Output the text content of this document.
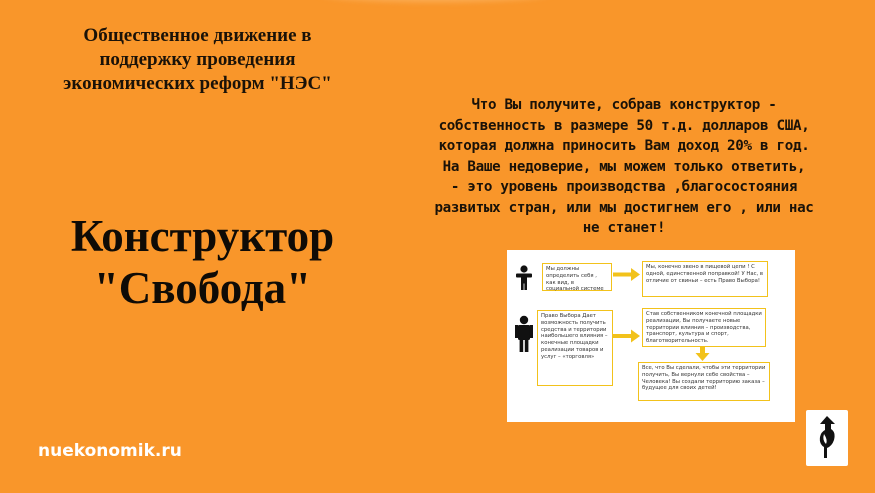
Общественное движение в
поддержку проведения
экономических реформ "НЭС"
Конструктор
"Свобода"
Что Вы получите, собрав конструктор -
собственность в размере 50 т.д. долларов США,
которая должна приносить Вам доход 20% в год.
На Ваше недоверие, мы можем только ответить,
- это уровень производства ,благосостояния
развитых стран, или мы достигнем его , или нас
не станет!
Мы должны определить себя , как вид, в социальной системе
Мы, конечно звено в пищевой цепи ! С одной, единственной поправкой! У Нас, в отличие от свиньи – есть Право Выбора!
Право Выбора Дает возможность получить средства и территории наибольшего влияния – конечные площадки реализации товаров и услуг – «торговля»
Став собственником конечной площадки реализации, Вы получаете новые территории влияния – производства, транспорт, культура и спорт, благотворительность.
Все, что Вы сделали, чтобы эти территории получить, Вы вернули себе свойства – Человека! Вы создали территорию заказа – будущее для своих детей!
nuekonomik.ru
